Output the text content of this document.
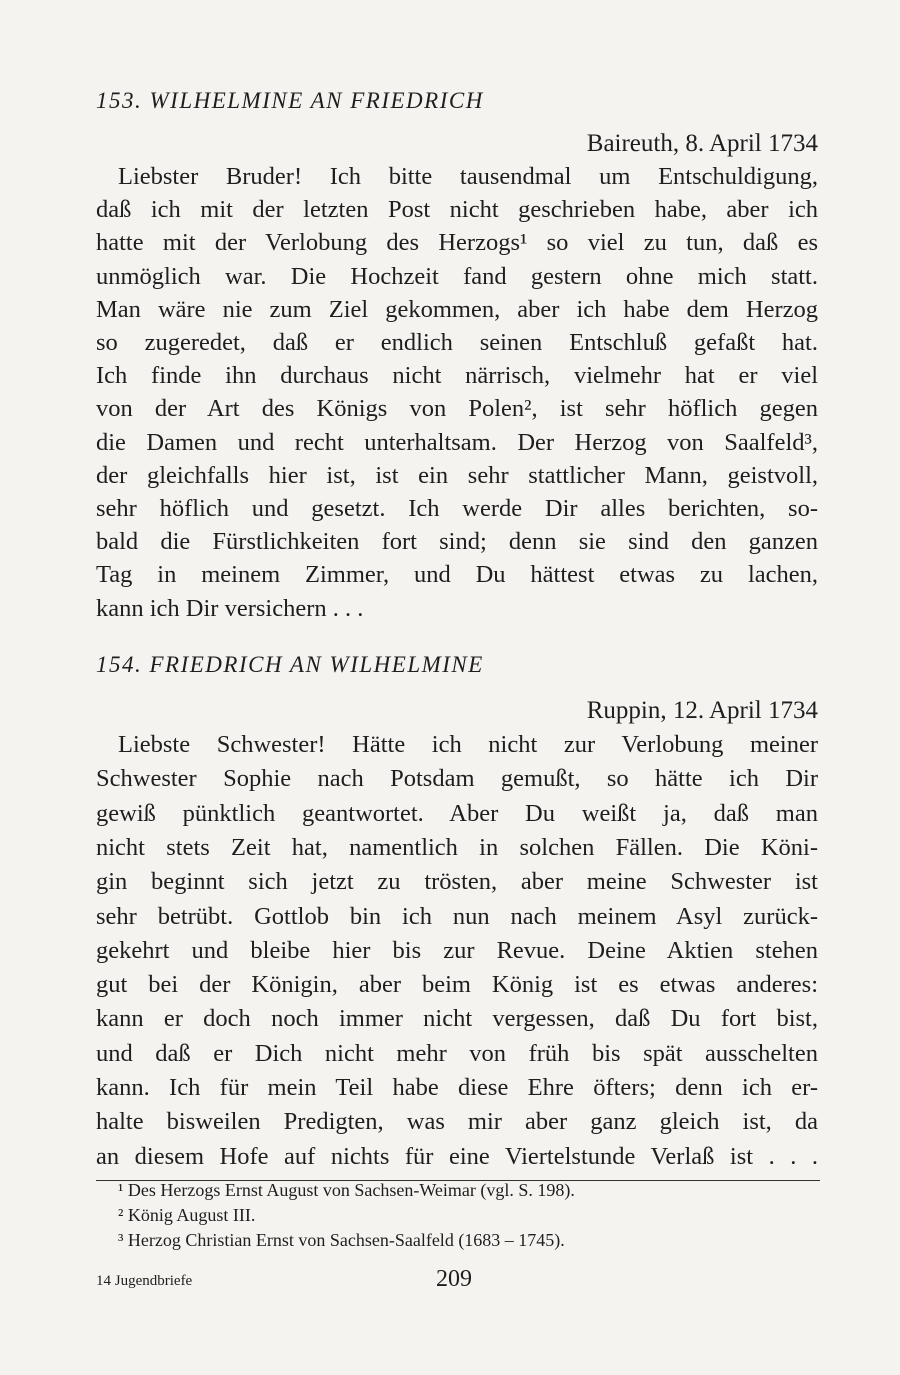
14 Jugendbriefe	209
153. WILHELMINE AN FRIEDRICH
Baireuth, 8. April 1734
Liebster Bruder! Ich bitte tausendmal um Entschuldigung,
daß ich mit der letzten Post nicht geschrieben habe, aber ich
hatte mit der Verlobung des Herzogs¹ so viel zu tun, daß es
unmöglich war. Die Hochzeit fand gestern ohne mich statt.
Man wäre nie zum Ziel gekommen, aber ich habe dem Herzog
so zugeredet, daß er endlich seinen Entschluß gefaßt hat.
Ich finde ihn durchaus nicht närrisch, vielmehr hat er viel
von der Art des Königs von Polen², ist sehr höflich gegen
die Damen und recht unterhaltsam. Der Herzog von Saalfeld³,
der gleichfalls hier ist, ist ein sehr stattlicher Mann, geistvoll,
sehr höflich und gesetzt. Ich werde Dir alles berichten, so-
bald die Fürstlichkeiten fort sind; denn sie sind den ganzen
Tag in meinem Zimmer, und Du hättest etwas zu lachen,
kann ich Dir versichern . . .
154. FRIEDRICH AN WILHELMINE
Ruppin, 12. April 1734
Liebste Schwester! Hätte ich nicht zur Verlobung meiner
Schwester Sophie nach Potsdam gemußt, so hätte ich Dir
gewiß pünktlich geantwortet. Aber Du weißt ja, daß man
nicht stets Zeit hat, namentlich in solchen Fällen. Die Köni-
gin beginnt sich jetzt zu trösten, aber meine Schwester ist
sehr betrübt. Gottlob bin ich nun nach meinem Asyl zurück-
gekehrt und bleibe hier bis zur Revue. Deine Aktien stehen
gut bei der Königin, aber beim König ist es etwas anderes:
kann er doch noch immer nicht vergessen, daß Du fort bist,
und daß er Dich nicht mehr von früh bis spät ausschelten
kann. Ich für mein Teil habe diese Ehre öfters; denn ich er-
halte bisweilen Predigten, was mir aber ganz gleich ist, da
an diesem Hofe auf nichts für eine Viertelstunde Verlaß ist . . .
¹ Des Herzogs Ernst August von Sachsen-Weimar (vgl. S. 198).
² König August III.
³ Herzog Christian Ernst von Sachsen-Saalfeld (1683 – 1745).
